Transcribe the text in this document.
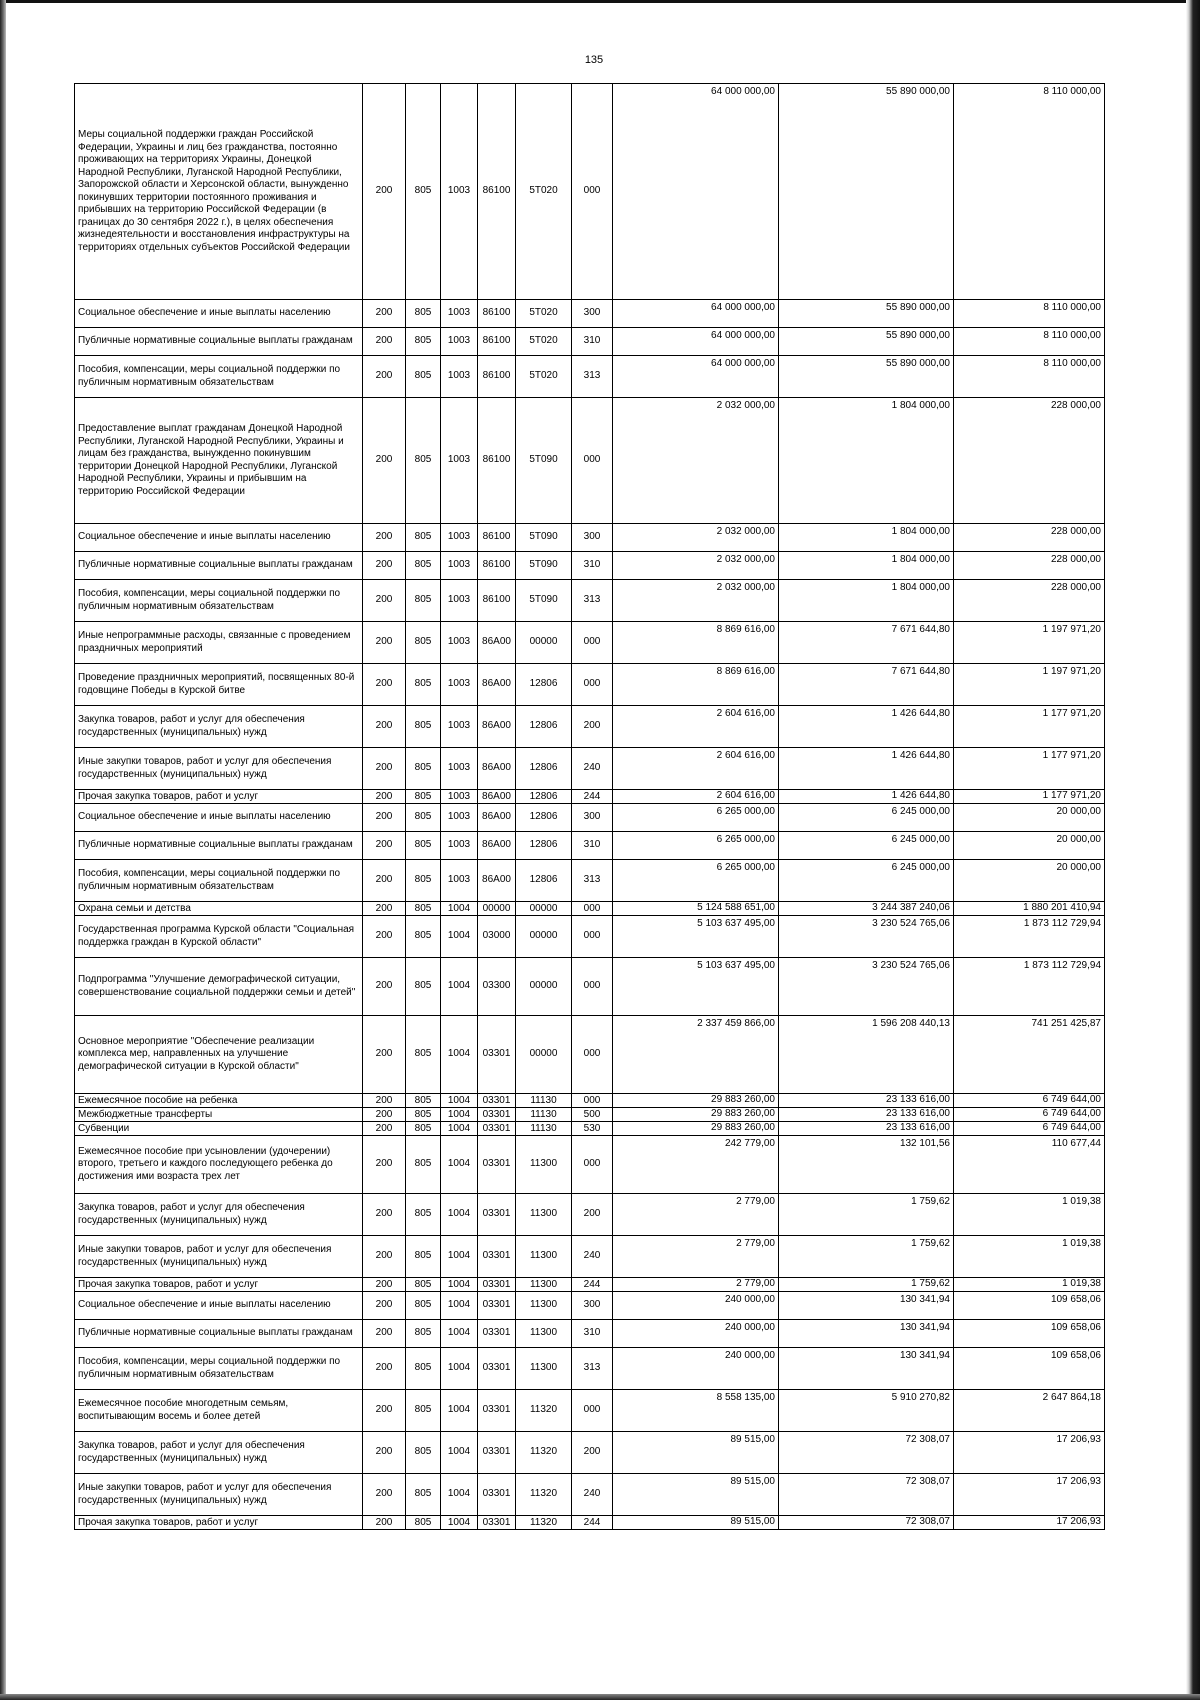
135
Меры социальной поддержки граждан Российской Федерации, Украины и лиц без гражданства, постоянно проживающих на территориях Украины, Донецкой Народной Республики, Луганской Народной Республики, Запорожской области и Херсонской области, вынужденно покинувших территории постоянного проживания и прибывших на территорию Российской Федерации (в границах до 30 сентября 2022 г.), в целях обеспечения жизнедеятельности и восстановления инфраструктуры на территориях отдельных субъектов Российской Федерации	200	805	1003	86100	5Т020	000	64 000 000,00	55 890 000,00	8 110 000,00
Социальное обеспечение и иные выплаты населению	200	805	1003	86100	5Т020	300	64 000 000,00	55 890 000,00	8 110 000,00
Публичные нормативные социальные выплаты гражданам	200	805	1003	86100	5Т020	310	64 000 000,00	55 890 000,00	8 110 000,00
Пособия, компенсации, меры социальной поддержки по публичным нормативным обязательствам	200	805	1003	86100	5Т020	313	64 000 000,00	55 890 000,00	8 110 000,00
Предоставление выплат гражданам Донецкой Народной Республики, Луганской Народной Республики, Украины и лицам без гражданства, вынужденно покинувшим территории Донецкой Народной Республики, Луганской Народной Республики, Украины и прибывшим на территорию Российской Федерации	200	805	1003	86100	5Т090	000	2 032 000,00	1 804 000,00	228 000,00
Социальное обеспечение и иные выплаты населению	200	805	1003	86100	5Т090	300	2 032 000,00	1 804 000,00	228 000,00
Публичные нормативные социальные выплаты гражданам	200	805	1003	86100	5Т090	310	2 032 000,00	1 804 000,00	228 000,00
Пособия, компенсации, меры социальной поддержки по публичным нормативным обязательствам	200	805	1003	86100	5Т090	313	2 032 000,00	1 804 000,00	228 000,00
Иные непрограммные расходы, связанные с проведением праздничных мероприятий	200	805	1003	86А00	00000	000	8 869 616,00	7 671 644,80	1 197 971,20
Проведение праздничных мероприятий, посвященных 80-й годовщине Победы в Курской битве	200	805	1003	86А00	12806	000	8 869 616,00	7 671 644,80	1 197 971,20
Закупка товаров, работ и услуг для обеспечения государственных (муниципальных) нужд	200	805	1003	86А00	12806	200	2 604 616,00	1 426 644,80	1 177 971,20
Иные закупки товаров, работ и услуг для обеспечения государственных (муниципальных) нужд	200	805	1003	86А00	12806	240	2 604 616,00	1 426 644,80	1 177 971,20
Прочая закупка товаров, работ и услуг	200	805	1003	86А00	12806	244	2 604 616,00	1 426 644,80	1 177 971,20
Социальное обеспечение и иные выплаты населению	200	805	1003	86А00	12806	300	6 265 000,00	6 245 000,00	20 000,00
Публичные нормативные социальные выплаты гражданам	200	805	1003	86А00	12806	310	6 265 000,00	6 245 000,00	20 000,00
Пособия, компенсации, меры социальной поддержки по публичным нормативным обязательствам	200	805	1003	86А00	12806	313	6 265 000,00	6 245 000,00	20 000,00
Охрана семьи и детства	200	805	1004	00000	00000	000	5 124 588 651,00	3 244 387 240,06	1 880 201 410,94
Государственная программа Курской области "Социальная поддержка граждан в Курской области"	200	805	1004	03000	00000	000	5 103 637 495,00	3 230 524 765,06	1 873 112 729,94
Подпрограмма "Улучшение демографической ситуации, совершенствование социальной поддержки семьи и детей"	200	805	1004	03300	00000	000	5 103 637 495,00	3 230 524 765,06	1 873 112 729,94
Основное мероприятие "Обеспечение реализации комплекса мер, направленных на улучшение демографической ситуации в Курской области"	200	805	1004	03301	00000	000	2 337 459 866,00	1 596 208 440,13	741 251 425,87
Ежемесячное пособие на ребенка	200	805	1004	03301	11130	000	29 883 260,00	23 133 616,00	6 749 644,00
Межбюджетные трансферты	200	805	1004	03301	11130	500	29 883 260,00	23 133 616,00	6 749 644,00
Субвенции	200	805	1004	03301	11130	530	29 883 260,00	23 133 616,00	6 749 644,00
Ежемесячное пособие при усыновлении (удочерении) второго, третьего и каждого последующего ребенка до достижения ими возраста трех лет	200	805	1004	03301	11300	000	242 779,00	132 101,56	110 677,44
Закупка товаров, работ и услуг для обеспечения государственных (муниципальных) нужд	200	805	1004	03301	11300	200	2 779,00	1 759,62	1 019,38
Иные закупки товаров, работ и услуг для обеспечения государственных (муниципальных) нужд	200	805	1004	03301	11300	240	2 779,00	1 759,62	1 019,38
Прочая закупка товаров, работ и услуг	200	805	1004	03301	11300	244	2 779,00	1 759,62	1 019,38
Социальное обеспечение и иные выплаты населению	200	805	1004	03301	11300	300	240 000,00	130 341,94	109 658,06
Публичные нормативные социальные выплаты гражданам	200	805	1004	03301	11300	310	240 000,00	130 341,94	109 658,06
Пособия, компенсации, меры социальной поддержки по публичным нормативным обязательствам	200	805	1004	03301	11300	313	240 000,00	130 341,94	109 658,06
Ежемесячное пособие многодетным семьям, воспитывающим восемь и более детей	200	805	1004	03301	11320	000	8 558 135,00	5 910 270,82	2 647 864,18
Закупка товаров, работ и услуг для обеспечения государственных (муниципальных) нужд	200	805	1004	03301	11320	200	89 515,00	72 308,07	17 206,93
Иные закупки товаров, работ и услуг для обеспечения государственных (муниципальных) нужд	200	805	1004	03301	11320	240	89 515,00	72 308,07	17 206,93
Прочая закупка товаров, работ и услуг	200	805	1004	03301	11320	244	89 515,00	72 308,07	17 206,93
